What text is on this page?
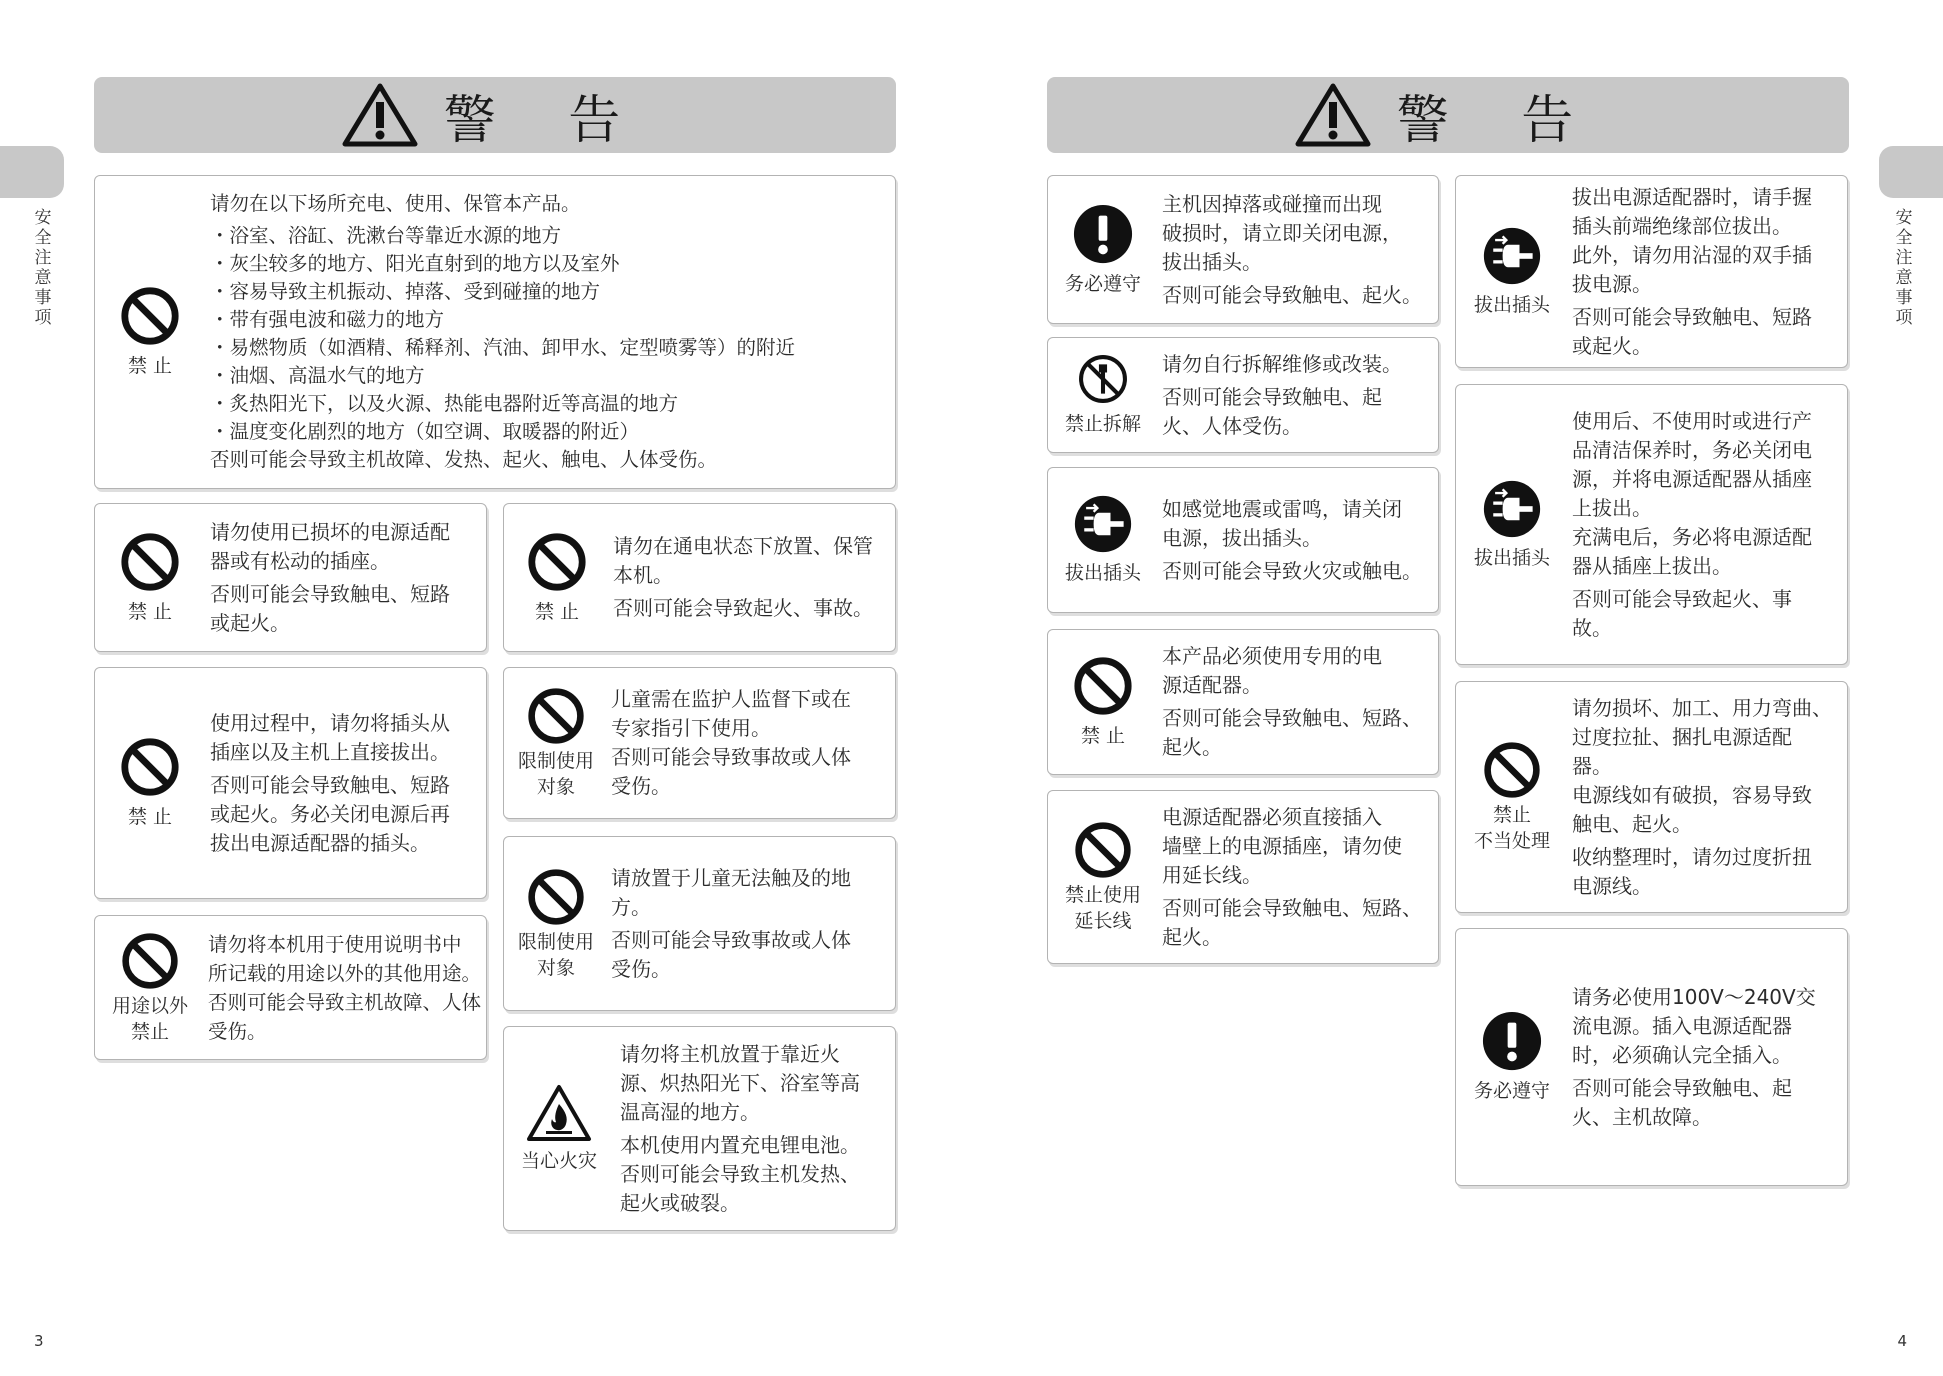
警 告
安全注意事项
禁 止

请勿在以下场所充电、使用、保管本产品。

・浴室、浴缸、洗漱台等靠近水源的地方

・灰尘较多的地方、阳光直射到的地方以及室外

・容易导致主机振动、掉落、受到碰撞的地方

・带有强电波和磁力的地方

・易燃物质（如酒精、稀释剂、汽油、卸甲水、定型喷雾等）的附近

・油烟、高温水气的地方

・炙热阳光下，以及火源、热能电器附近等高温的地方

・温度变化剧烈的地方（如空调、取暖器的附近）

否则可能会导致主机故障、发热、起火、触电、人体受伤。

禁 止

请勿使用已损坏的电源适配

器或有松动的插座。

否则可能会导致触电、短路

或起火。	禁 止

请勿在通电状态下放置、保管

本机。

否则可能会导致起火、事故。

禁 止

使用过程中，请勿将插头从

插座以及主机上直接拔出。

否则可能会导致触电、短路

或起火。务必关闭电源后再

拔出电源适配器的插头。

限制使用
对象

儿童需在监护人监督下或在

专家指引下使用。

否则可能会导致事故或人体

受伤。

限制使用
对象

请放置于儿童无法触及的地

方。

否则可能会导致事故或人体

受伤。

用途以外
禁止

请勿将本机用于使用说明书中

所记载的用途以外的其他用途。

否则可能会导致主机故障、人体

受伤。

当心火灾

请勿将主机放置于靠近火

源、炽热阳光下、浴室等高

温高湿的地方。

本机使用内置充电锂电池。

否则可能会导致主机发热、

起火或破裂。

3
警 告
安全注意事项
务必遵守

主机因掉落或碰撞而出现

破损时，请立即关闭电源，

拔出插头。

否则可能会导致触电、起火。

禁止拆解

请勿自行拆解维修或改装。

否则可能会导致触电、起

火、人体受伤。

拔出插头

如感觉地震或雷鸣，请关闭

电源，拔出插头。

否则可能会导致火灾或触电。

禁 止

本产品必须使用专用的电

源适配器。

否则可能会导致触电、短路、

起火。

禁止使用
延长线

电源适配器必须直接插入

墙壁上的电源插座，请勿使

用延长线。

否则可能会导致触电、短路、

起火。

拔出插头

拔出电源适配器时，请手握

插头前端绝缘部位拔出。

此外，请勿用沾湿的双手插

拔电源。

否则可能会导致触电、短路

或起火。

拔出插头

使用后、不使用时或进行产

品清洁保养时，务必关闭电

源，并将电源适配器从插座

上拔出。

充满电后，务必将电源适配

器从插座上拔出。

否则可能会导致起火、事

故。

禁止
不当处理

请勿损坏、加工、用力弯曲、

过度拉扯、捆扎电源适配

器。

电源线如有破损，容易导致

触电、起火。

收纳整理时，请勿过度折扭

电源线。

务必遵守

请务必使用100V～240V交

流电源。插入电源适配器

时，必须确认完全插入。

否则可能会导致触电、起

火、主机故障。

4
